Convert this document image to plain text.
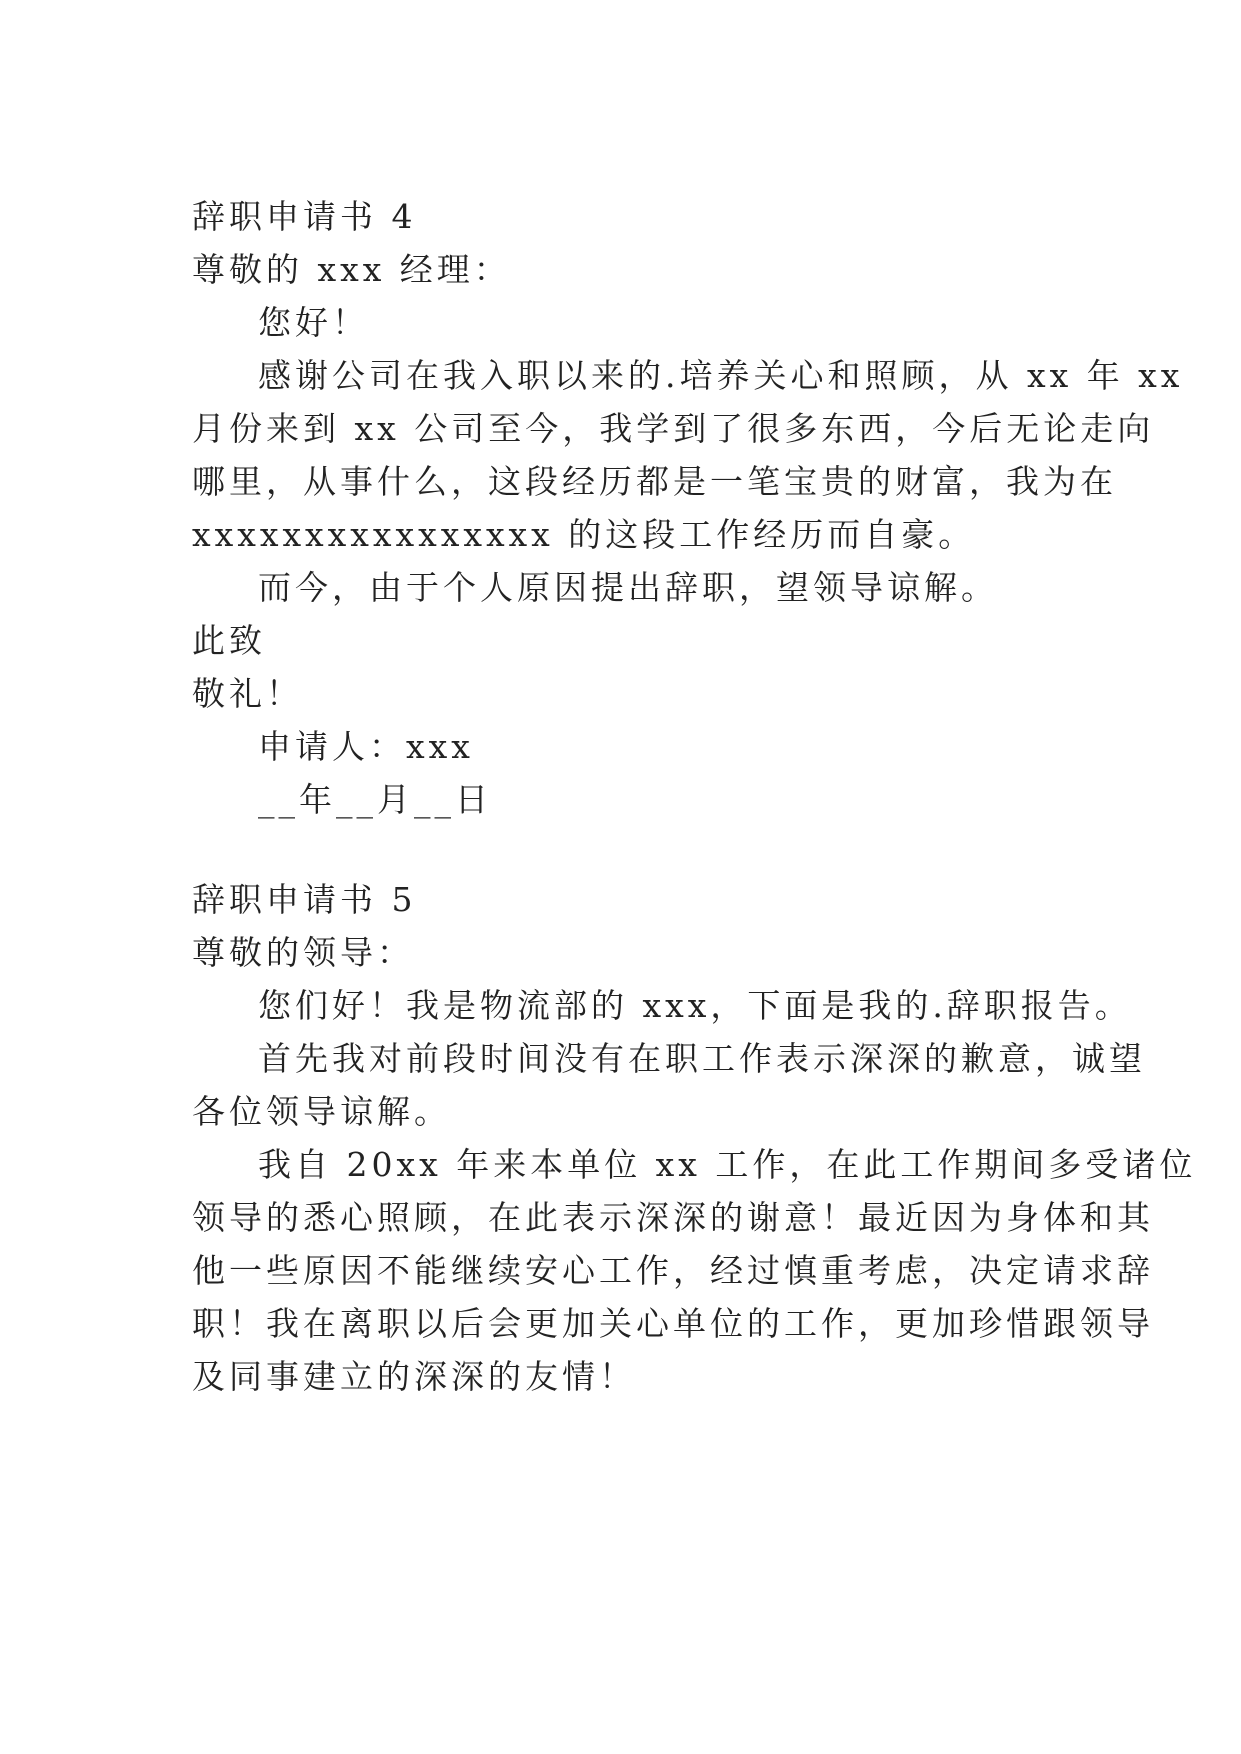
辞职申请书 4
尊敬的 xxx 经理：
您好！
感谢公司在我入职以来的.培养关心和照顾，从 xx 年 xx
月份来到 xx 公司至今，我学到了很多东西，今后无论走向
哪里，从事什么，这段经历都是一笔宝贵的财富，我为在
xxxxxxxxxxxxxxxx 的这段工作经历而自豪。
而今，由于个人原因提出辞职，望领导谅解。
此致
敬礼！
申请人：xxx
__年__月__日
辞职申请书 5
尊敬的领导：
您们好！我是物流部的 xxx，下面是我的.辞职报告。
首先我对前段时间没有在职工作表示深深的歉意，诚望
各位领导谅解。
我自 20xx 年来本单位 xx 工作，在此工作期间多受诸位
领导的悉心照顾，在此表示深深的谢意！最近因为身体和其
他一些原因不能继续安心工作，经过慎重考虑，决定请求辞
职！我在离职以后会更加关心单位的工作，更加珍惜跟领导
及同事建立的深深的友情！
